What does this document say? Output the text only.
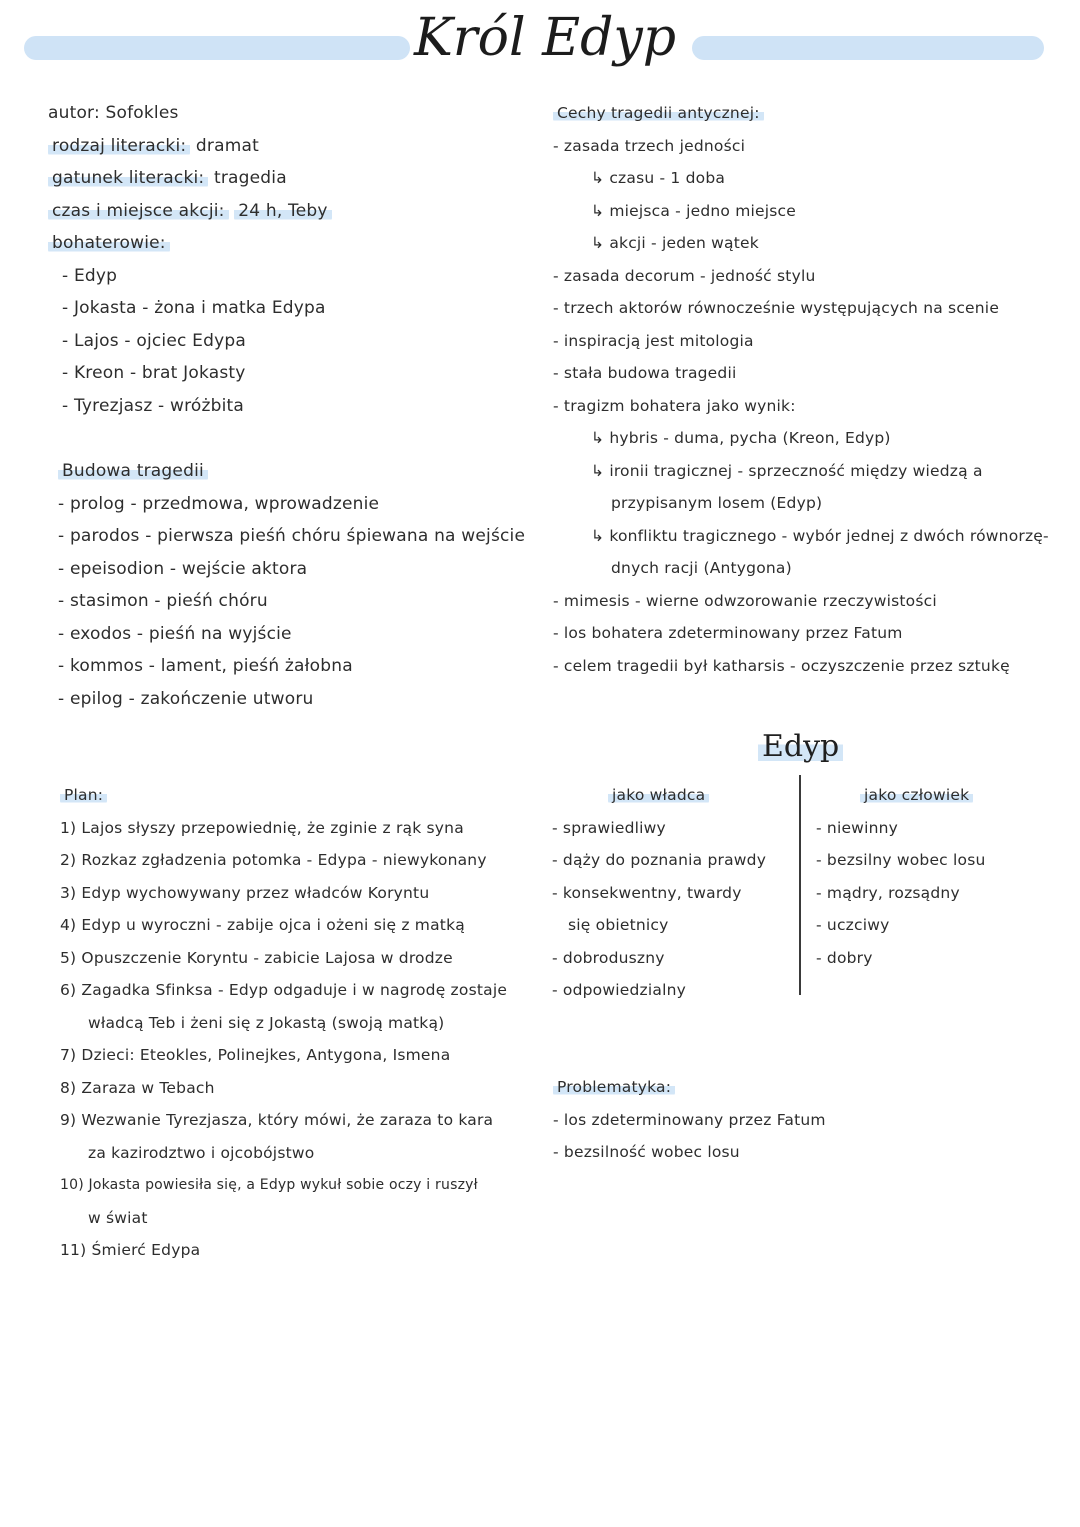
Król Edyp
autor: Sofokles
rodzaj literacki: dramat
gatunek literacki: tragedia
czas i miejsce akcji: 24 h, Teby
bohaterowie:
- Edyp
- Jokasta - żona i matka Edypa
- Lajos - ojciec Edypa
- Kreon - brat Jokasty
- Tyrezjasz - wróżbita
Budowa tragedii
- prolog - przedmowa, wprowadzenie
- parodos - pierwsza pieśń chóru śpiewana na wejście
- epeisodion - wejście aktora
- stasimon - pieśń chóru
- exodos - pieśń na wyjście
- kommos - lament, pieśń żałobna
- epilog - zakończenie utworu
Cechy tragedii antycznej:
- zasada trzech jedności
↳ czasu - 1 doba
↳ miejsca - jedno miejsce
↳ akcji - jeden wątek
- zasada decorum - jedność stylu
- trzech aktorów równocześnie występujących na scenie
- inspiracją jest mitologia
- stała budowa tragedii
- tragizm bohatera jako wynik:
↳ hybris - duma, pycha (Kreon, Edyp)
↳ ironii tragicznej - sprzeczność między wiedzą a
przypisanym losem (Edyp)
↳ konfliktu tragicznego - wybór jednej z dwóch równorzę-
dnych racji (Antygona)
- mimesis - wierne odwzorowanie rzeczywistości
- los bohatera zdeterminowany przez Fatum
- celem tragedii był katharsis - oczyszczenie przez sztukę
Edyp
Plan:
1) Lajos słyszy przepowiednię, że zginie z rąk syna
2) Rozkaz zgładzenia potomka - Edypa - niewykonany
3) Edyp wychowywany przez władców Koryntu
4) Edyp u wyroczni - zabije ojca i ożeni się z matką
5) Opuszczenie Koryntu - zabicie Lajosa w drodze
6) Zagadka Sfinksa - Edyp odgaduje i w nagrodę zostaje
władcą Teb i żeni się z Jokastą (swoją matką)
7) Dzieci: Eteokles, Polinejkes, Antygona, Ismena
8) Zaraza w Tebach
9) Wezwanie Tyrezjasza, który mówi, że zaraza to kara
za kazirodztwo i ojcobójstwo
10) Jokasta powiesiła się, a Edyp wykuł sobie oczy i ruszył
w świat
11) Śmierć Edypa
jako władca
- sprawiedliwy
- dąży do poznania prawdy
- konsekwentny, twardy
się obietnicy
- dobroduszny
- odpowiedzialny
jako człowiek
- niewinny
- bezsilny wobec losu
- mądry, rozsądny
- uczciwy
- dobry
Problematyka:
- los zdeterminowany przez Fatum
- bezsilność wobec losu
